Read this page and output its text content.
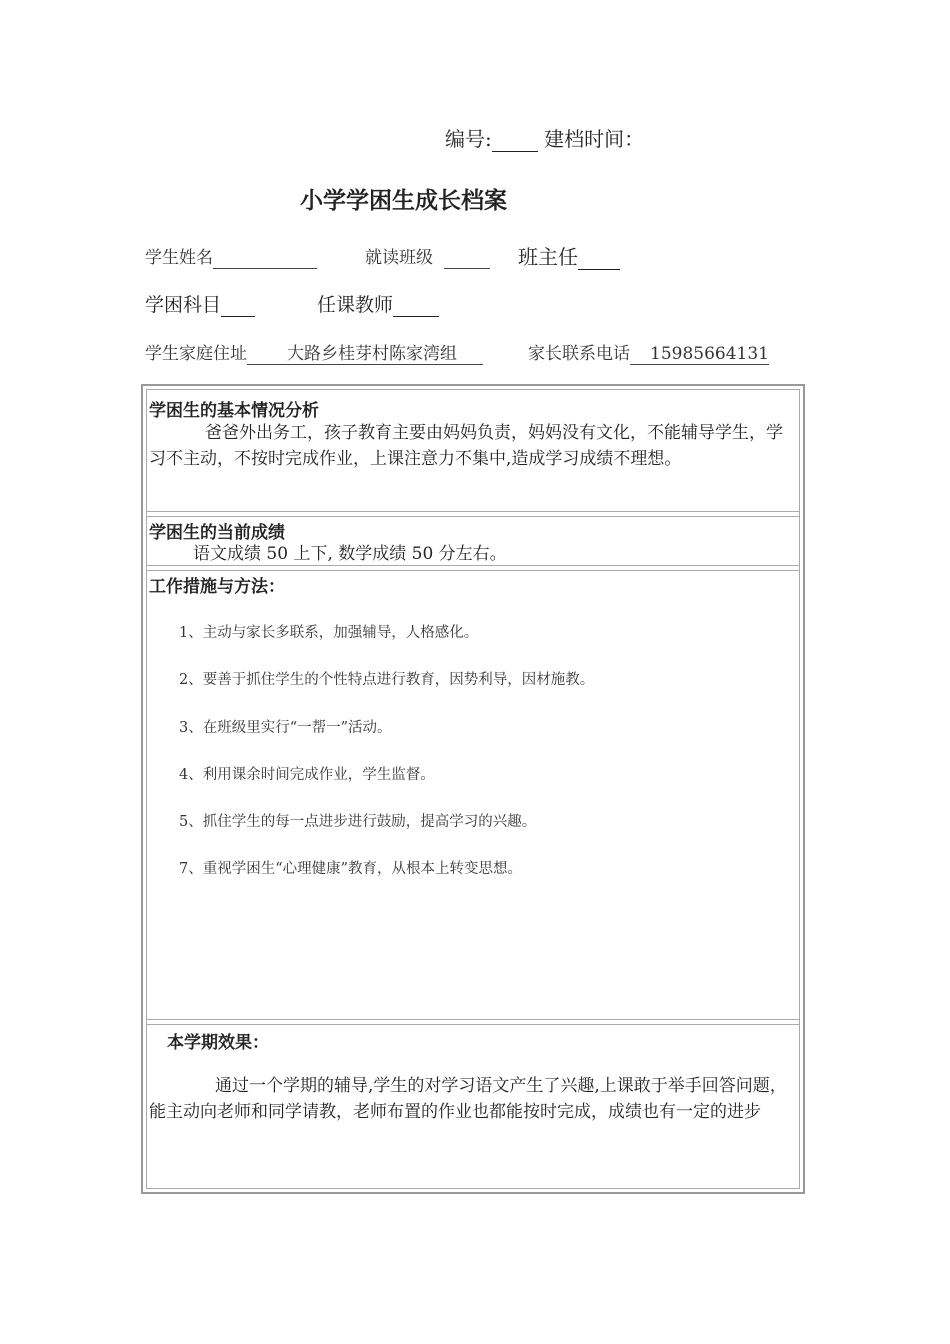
编号:	建档时间：
小学学困生成长档案
学生姓名	就读班级	班主任
学困科目	任课教师
学生家庭住址 大路乡桂芽村陈家湾组	家长联系电话 15985664131
学困生的基本情况分析
爸爸外出务工，孩子教育主要由妈妈负责，妈妈没有文化，不能辅导学生，学习不主动，不按时完成作业，上课注意力不集中,造成学习成绩不理想。
学困生的当前成绩
语文成绩 50 上下, 数学成绩 50 分左右。
工作措施与方法：
1、主动与家长多联系，加强辅导，人格感化。
2、要善于抓住学生的个性特点进行教育，因势利导，因材施教。
3、在班级里实行“一帮一”活动。
4、利用课余时间完成作业，学生监督。
5、抓住学生的每一点进步进行鼓励，提高学习的兴趣。
7、重视学困生“心理健康”教育，从根本上转变思想。
本学期效果：
通过一个学期的辅导,学生的对学习语文产生了兴趣,上课敢于举手回答问题，能主动向老师和同学请教，老师布置的作业也都能按时完成，成绩也有一定的进步
